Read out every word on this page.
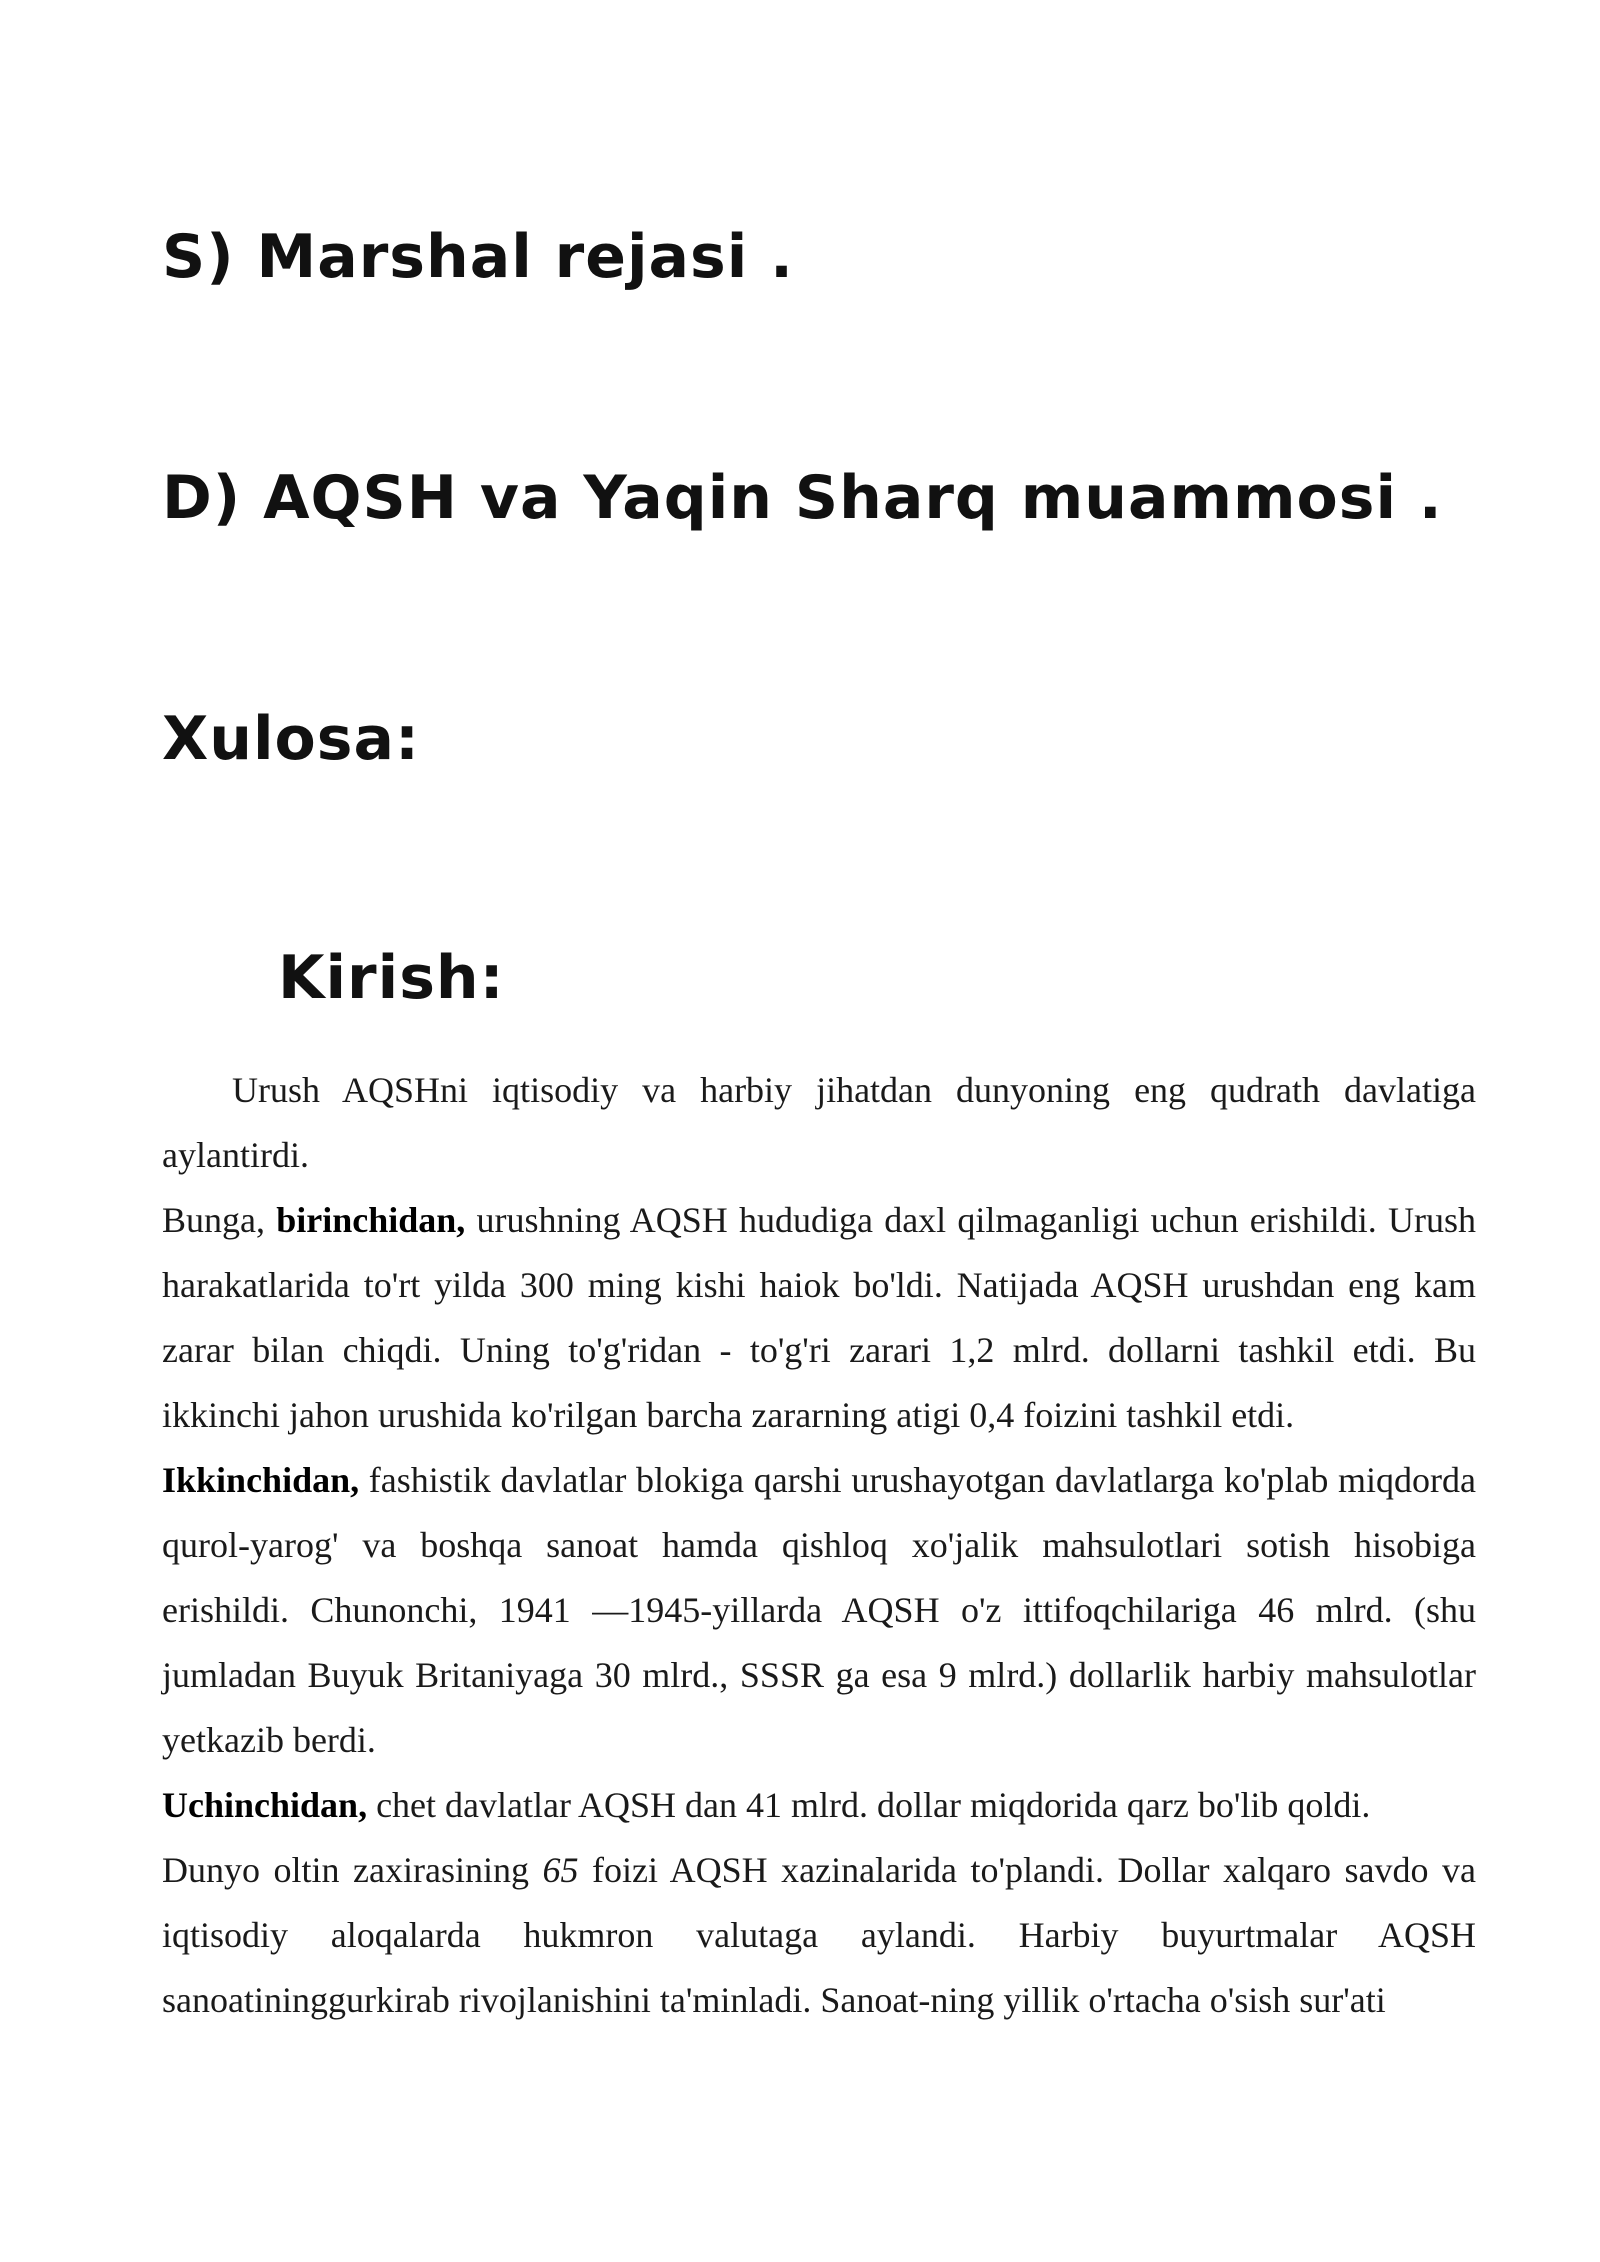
S) Marshal rejasi .
D) AQSH va Yaqin Sharq muammosi .
Xulosa:
Kirish:

Urush AQSHni iqtisodiy va harbiy jihatdan dunyoning eng qudrath davlatiga aylantirdi.

Bunga, birinchidan, urushning AQSH hududiga daxl qilmaganligi uchun erishildi. Urush harakatlarida to'rt yilda 300 ming kishi haiok bo'ldi. Natijada AQSH urushdan eng kam zarar bilan chiqdi. Uning to'g'ridan - to'g'ri zarari 1,2 mlrd. dollarni tashkil etdi. Bu ikkinchi jahon urushida ko'rilgan barcha zararning atigi 0,4 foizini tashkil etdi.

Ikkinchidan, fashistik davlatlar blokiga qarshi urushayotgan davlatlarga ko'plab miqdorda qurol-yarog' va boshqa sanoat hamda qishloq xo'jalik mahsulotlari sotish hisobiga erishildi. Chunonchi, 1941 —1945-yillarda AQSH o'z ittifoqchilariga 46 mlrd. (shu jumladan Buyuk Britaniyaga 30 mlrd., SSSR ga esa 9 mlrd.) dollarlik harbiy mahsulotlar yetkazib berdi.

Uchinchidan, chet davlatlar AQSH dan 41 mlrd. dollar miqdorida qarz bo'lib qoldi.

Dunyo oltin zaxirasining 65 foizi AQSH xazinalarida to'plandi. Dollar xalqaro savdo va iqtisodiy aloqalarda hukmron valutaga aylandi. Harbiy buyurtmalar AQSH sanoatininggurkirab rivojlanishini ta'minladi. Sanoat-ning yillik o'rtacha o'sish sur'ati
